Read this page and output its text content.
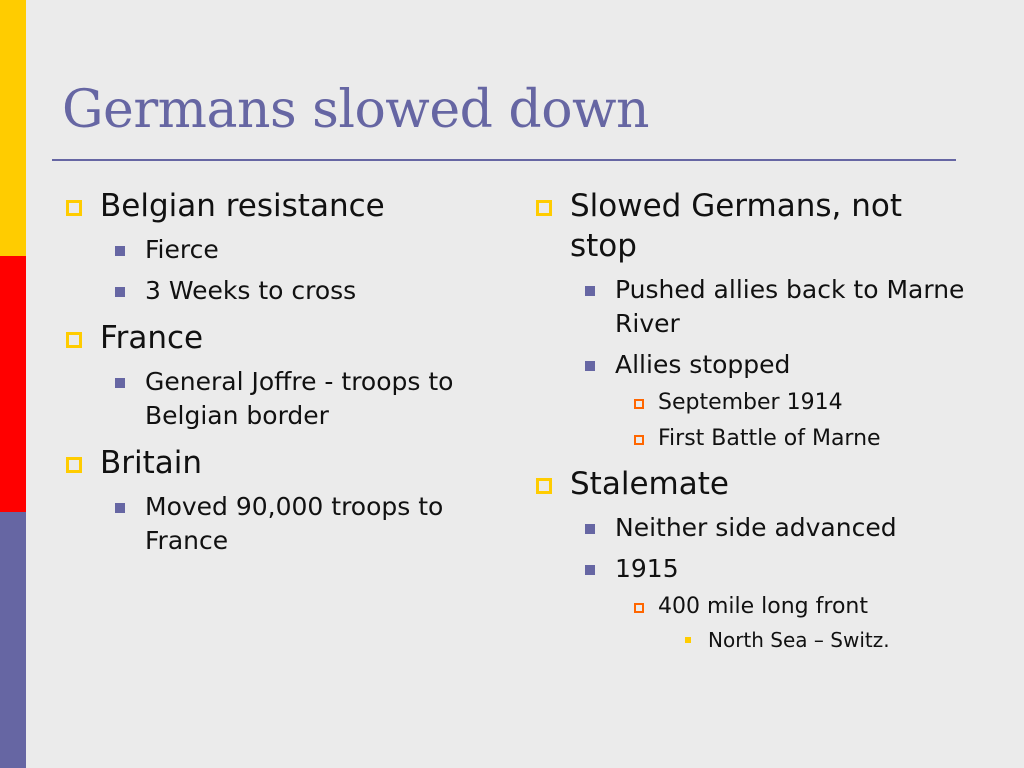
Germans slowed down
Belgian resistance
Fierce
3 Weeks to cross
France
General Joffre - troops to Belgian border
Britain
Moved 90,000 troops to France
Slowed Germans, not stop
Pushed allies back to Marne River
Allies stopped
September 1914
First Battle of Marne
Stalemate
Neither side advanced
1915
400 mile long front
North Sea – Switz.
